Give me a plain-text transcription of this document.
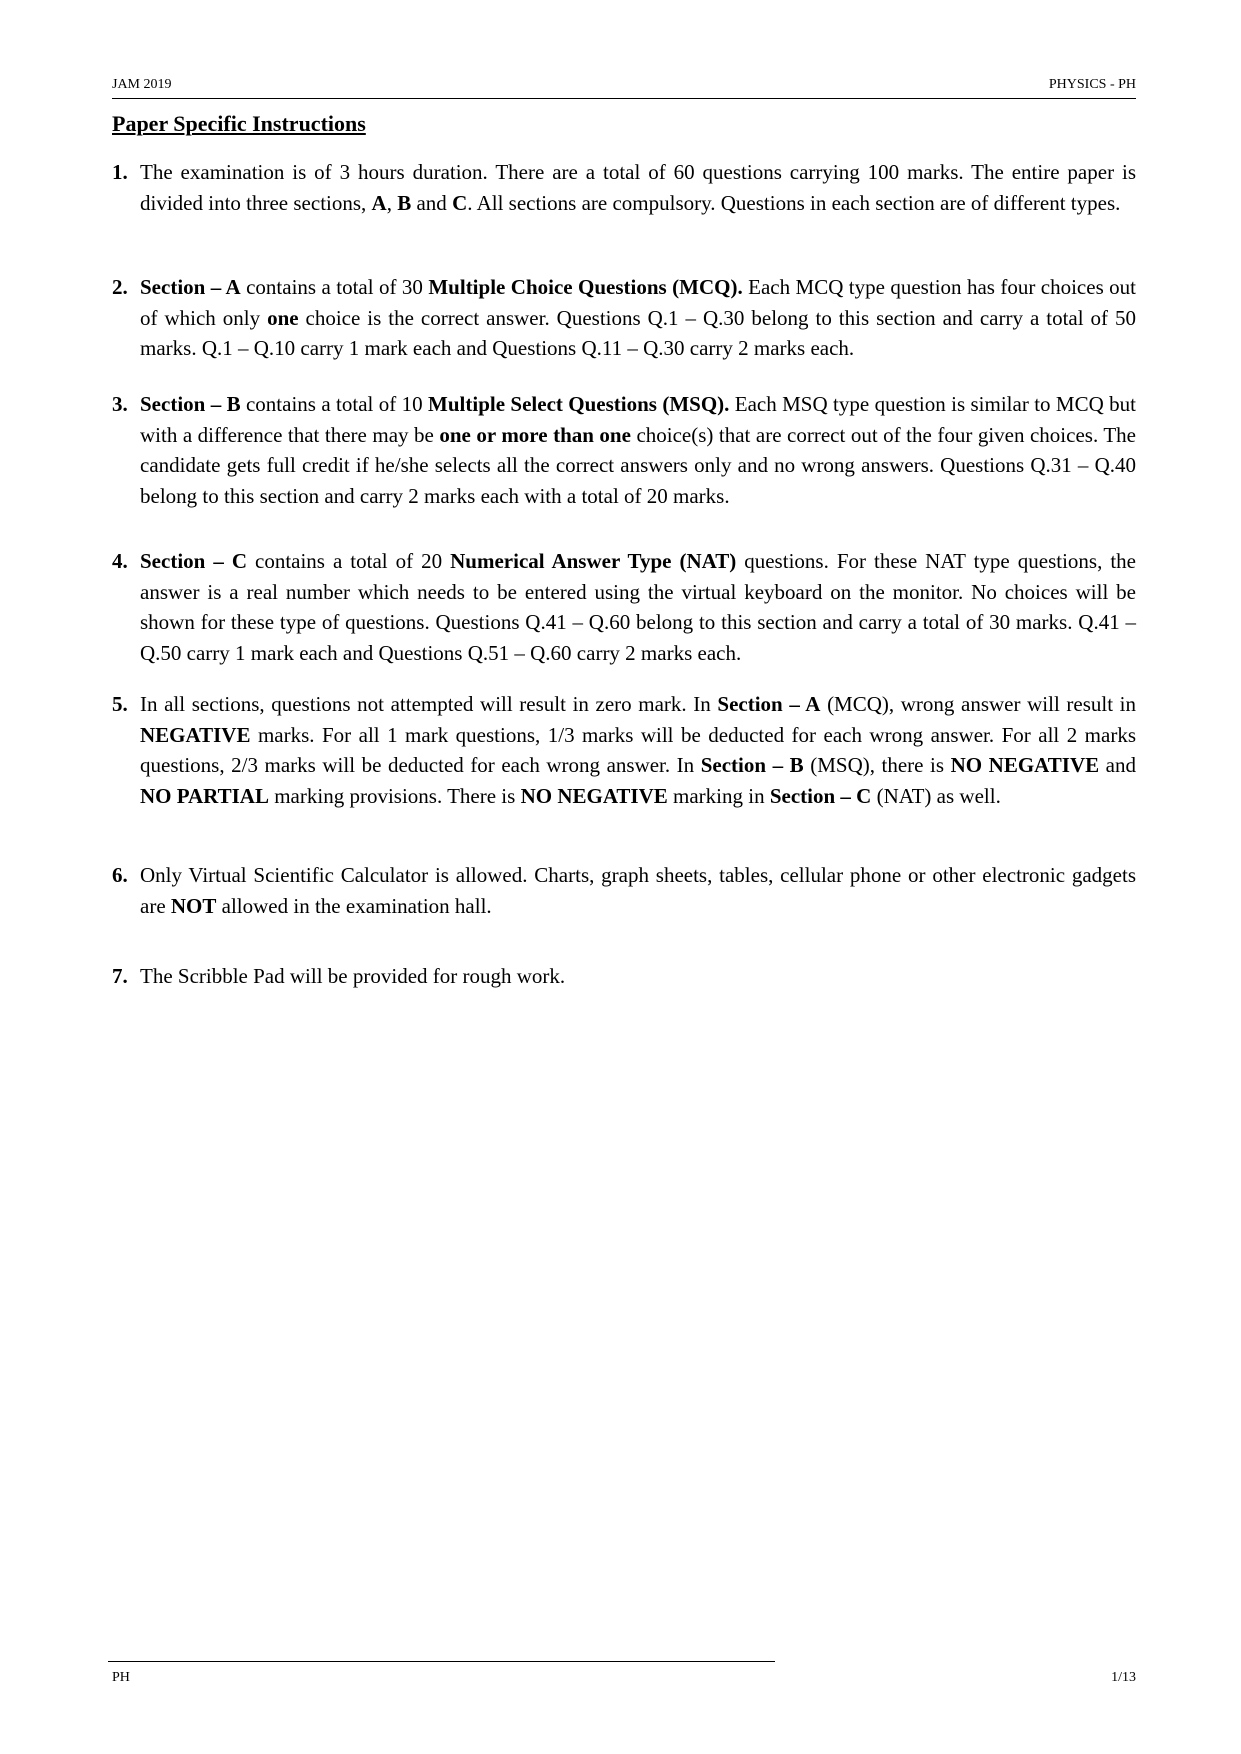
JAM 2019	PHYSICS - PH
Paper Specific Instructions
1. The examination is of 3 hours duration. There are a total of 60 questions carrying 100 marks. The entire paper is divided into three sections, A, B and C. All sections are compulsory. Questions in each section are of different types.
2. Section – A contains a total of 30 Multiple Choice Questions (MCQ). Each MCQ type question has four choices out of which only one choice is the correct answer. Questions Q.1 – Q.30 belong to this section and carry a total of 50 marks. Q.1 – Q.10 carry 1 mark each and Questions Q.11 – Q.30 carry 2 marks each.
3. Section – B contains a total of 10 Multiple Select Questions (MSQ). Each MSQ type question is similar to MCQ but with a difference that there may be one or more than one choice(s) that are correct out of the four given choices. The candidate gets full credit if he/she selects all the correct answers only and no wrong answers. Questions Q.31 – Q.40 belong to this section and carry 2 marks each with a total of 20 marks.
4. Section – C contains a total of 20 Numerical Answer Type (NAT) questions. For these NAT type questions, the answer is a real number which needs to be entered using the virtual keyboard on the monitor. No choices will be shown for these type of questions. Questions Q.41 – Q.60 belong to this section and carry a total of 30 marks. Q.41 – Q.50 carry 1 mark each and Questions Q.51 – Q.60 carry 2 marks each.
5. In all sections, questions not attempted will result in zero mark. In Section – A (MCQ), wrong answer will result in NEGATIVE marks. For all 1 mark questions, 1/3 marks will be deducted for each wrong answer. For all 2 marks questions, 2/3 marks will be deducted for each wrong answer. In Section – B (MSQ), there is NO NEGATIVE and NO PARTIAL marking provisions. There is NO NEGATIVE marking in Section – C (NAT) as well.
6. Only Virtual Scientific Calculator is allowed. Charts, graph sheets, tables, cellular phone or other electronic gadgets are NOT allowed in the examination hall.
7. The Scribble Pad will be provided for rough work.
PH	1/13
